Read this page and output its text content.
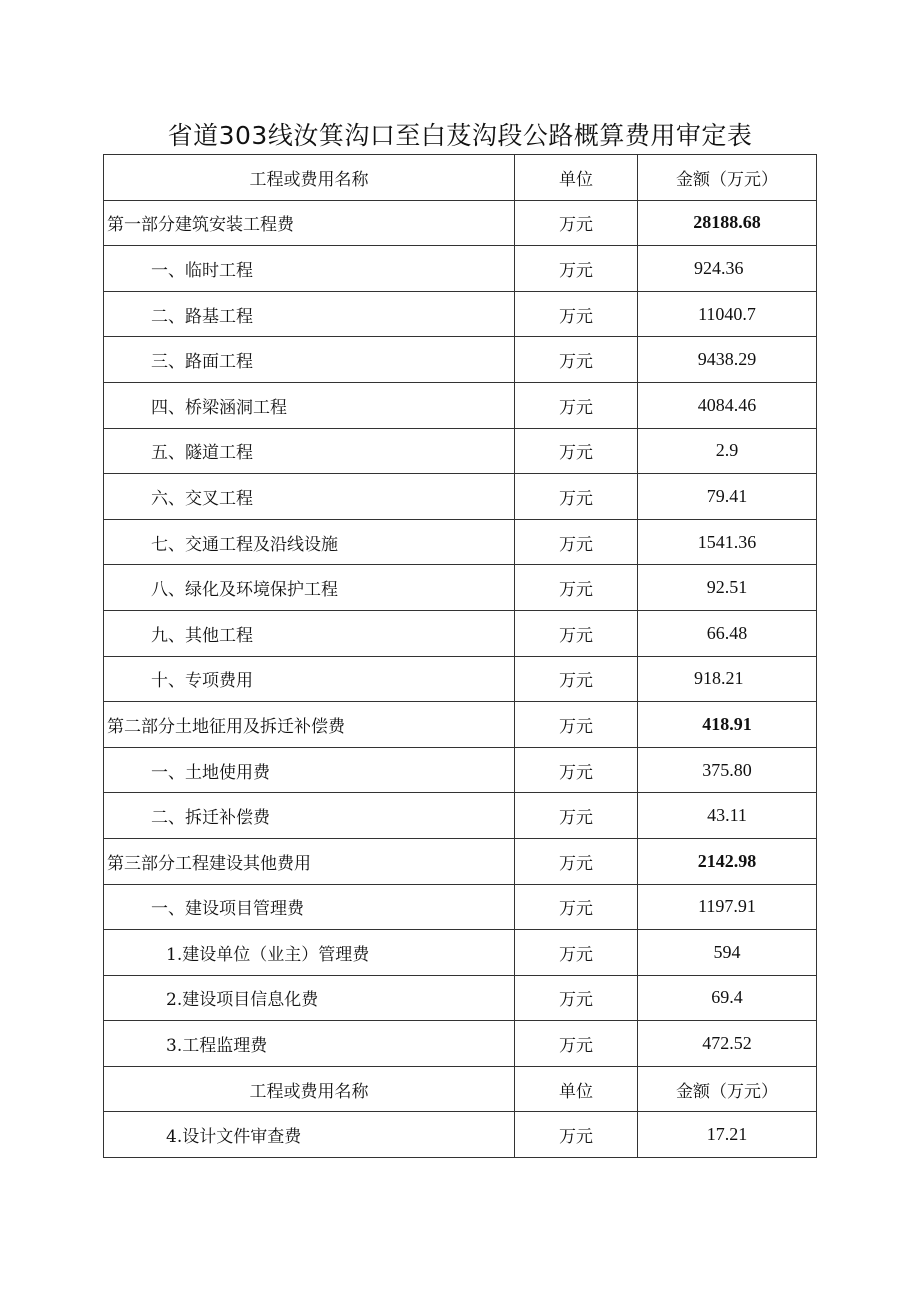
省道303线汝箕沟口至白芨沟段公路概算费用审定表
工程或费用名称	单位	金额（万元）
第一部分建筑安装工程费	万元	28188.68
一、临时工程	万元	924.36
二、路基工程	万元	11040.7
三、路面工程	万元	9438.29
四、桥梁涵洞工程	万元	4084.46
五、隧道工程	万元	2.9
六、交叉工程	万元	79.41
七、交通工程及沿线设施	万元	1541.36
八、绿化及环境保护工程	万元	92.51
九、其他工程	万元	66.48
十、专项费用	万元	918.21
第二部分土地征用及拆迁补偿费	万元	418.91
一、土地使用费	万元	375.80
二、拆迁补偿费	万元	43.11
第三部分工程建设其他费用	万元	2142.98
一、建设项目管理费	万元	1197.91
1.建设单位（业主）管理费	万元	594
2.建设项目信息化费	万元	69.4
3.工程监理费	万元	472.52
工程或费用名称	单位	金额（万元）
4.设计文件审查费	万元	17.21
